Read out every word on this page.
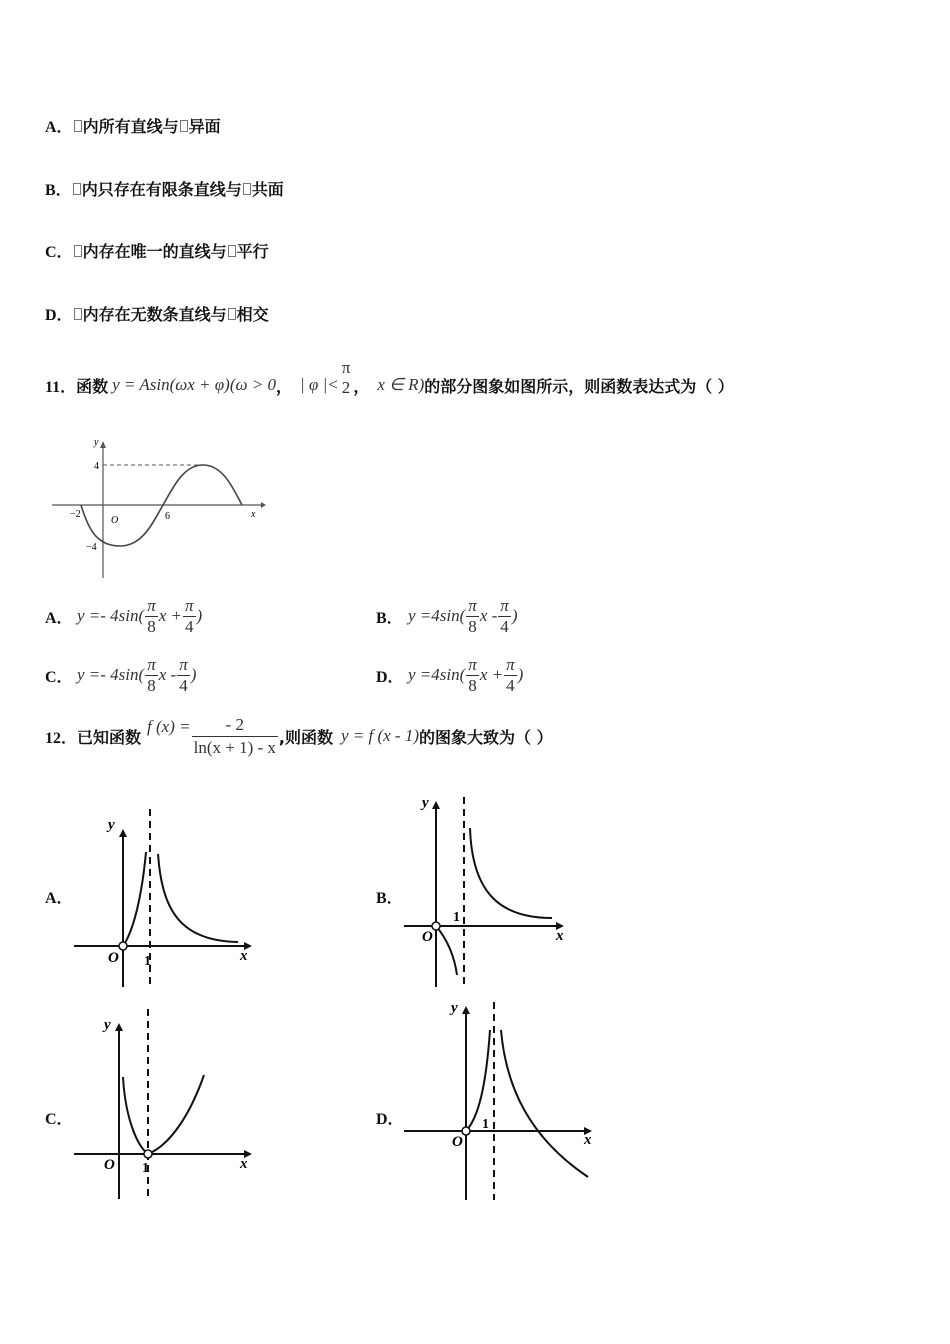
A． 内所有直线与 异面
B． 内只存在有限条直线与 共面
C． 内存在唯一的直线与 平行
D． 内存在无数条直线与 相交
11． 函数 y = Asin(ωx + φ)(ω > 0 ， | φ |<
π
2 ， x ∈ R) 的部分图象如图所示，则函数表达式为（ ）
y
x
O
4
−4
−2	6
A． $y =- 4\sin( \frac{\pi}{8}$ $x + \frac{\pi}{4}$ )	B． $y =4\sin( \frac{\pi}{8}$ x - $\frac{\pi}{4}$ )
C． $y =- 4\sin( \frac{\pi}{8}$ x - $\frac{\pi}{4}$ )	D． $y =4\sin( \frac{\pi}{8}$ $x + \frac{\pi}{4}$ )
12． 已知函数
f $(x) = \frac{- 2}{\ln(x + 1) - x}$ ,则函数 y = f (x - 1) 的图象大致为（ ）
A．
y
x
O 1
B．
y
x
O
1
C．
y
x
O 1
D．
y
x
O
1
